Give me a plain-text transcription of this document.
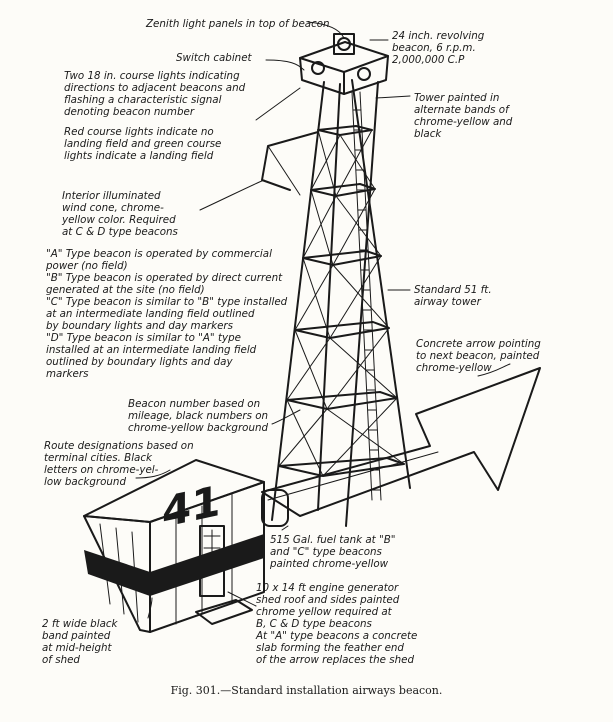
Zenith light panels in top of beacon
Switch cabinet
Two 18 in. course lights indicating
directions to adjacent beacons and
flashing a characteristic signal
denoting beacon number
Red course lights indicate no
landing field and green course
lights indicate a landing field
Interior illuminated
wind cone, chrome-
yellow color. Required
at C & D type beacons
"A" Type beacon is operated by commercial
power (no field)
"B" Type beacon is operated by direct current
generated at the site (no field)
"C" Type beacon is similar to "B" type installed
at an intermediate landing field outlined
by boundary lights and day markers
"D" Type beacon is similar to "A" type
installed at an intermediate landing field
outlined by boundary lights and day
markers
Beacon number based on
mileage, black numbers on
chrome-yellow background
Route designations based on
terminal cities. Black
letters on chrome-yel-
low background
2 ft wide black
band painted
at mid-height
of shed
24 inch. revolving
beacon, 6 r.p.m.
2,000,000 C.P
Tower painted in
alternate bands of
chrome-yellow and
black
Standard 51 ft.
airway tower
Concrete arrow pointing
to next beacon, painted
chrome-yellow
515 Gal. fuel tank at "B"
and "C" type beacons
painted chrome-yellow
10 x 14 ft engine generator
shed roof and sides painted
chrome yellow required at
B, C & D type beacons
At "A" type beacons a concrete
slab forming the feather end
of the arrow replaces the shed
41
Fig. 301.—Standard installation airways beacon.
